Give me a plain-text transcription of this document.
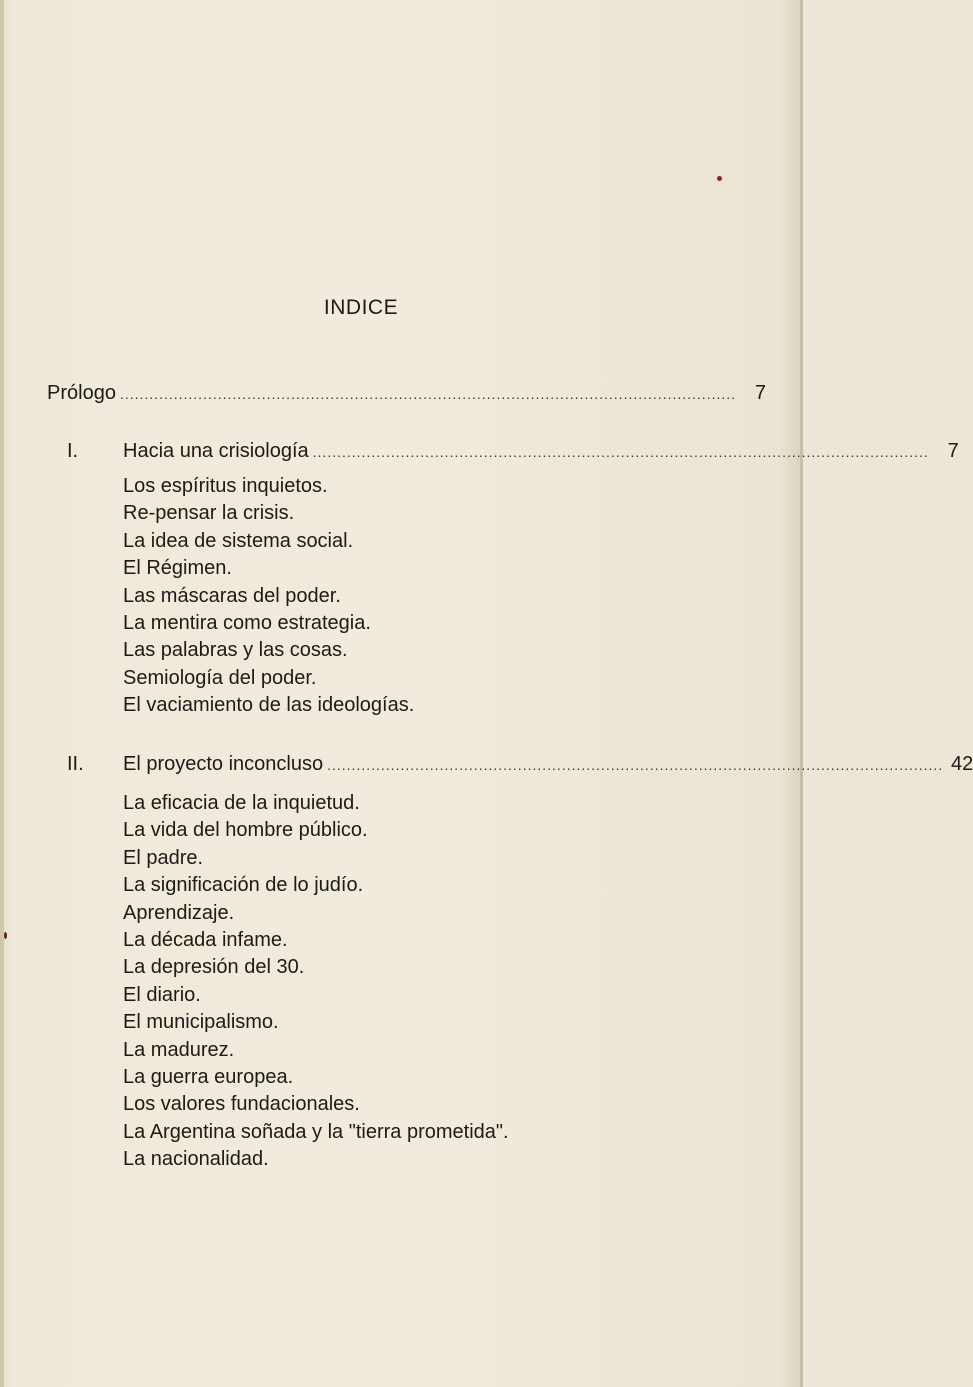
INDICE
Prólogo .............................................................................................................................. 7
I. Hacia una crisiología .............................................................................................................................. 7
Los espíritus inquietos.
Re-pensar la crisis.
La idea de sistema social.
El Régimen.
Las máscaras del poder.
La mentira como estrategia.
Las palabras y las cosas.
Semiología del poder.
El vaciamiento de las ideologías.
II. El proyecto inconcluso .............................................................................................................................. 42
La eficacia de la inquietud.
La vida del hombre público.
El padre.
La significación de lo judío.
Aprendizaje.
La década infame.
La depresión del 30.
El diario.
El municipalismo.
La madurez.
La guerra europea.
Los valores fundacionales.
La Argentina soñada y la "tierra prometida".
La nacionalidad.
